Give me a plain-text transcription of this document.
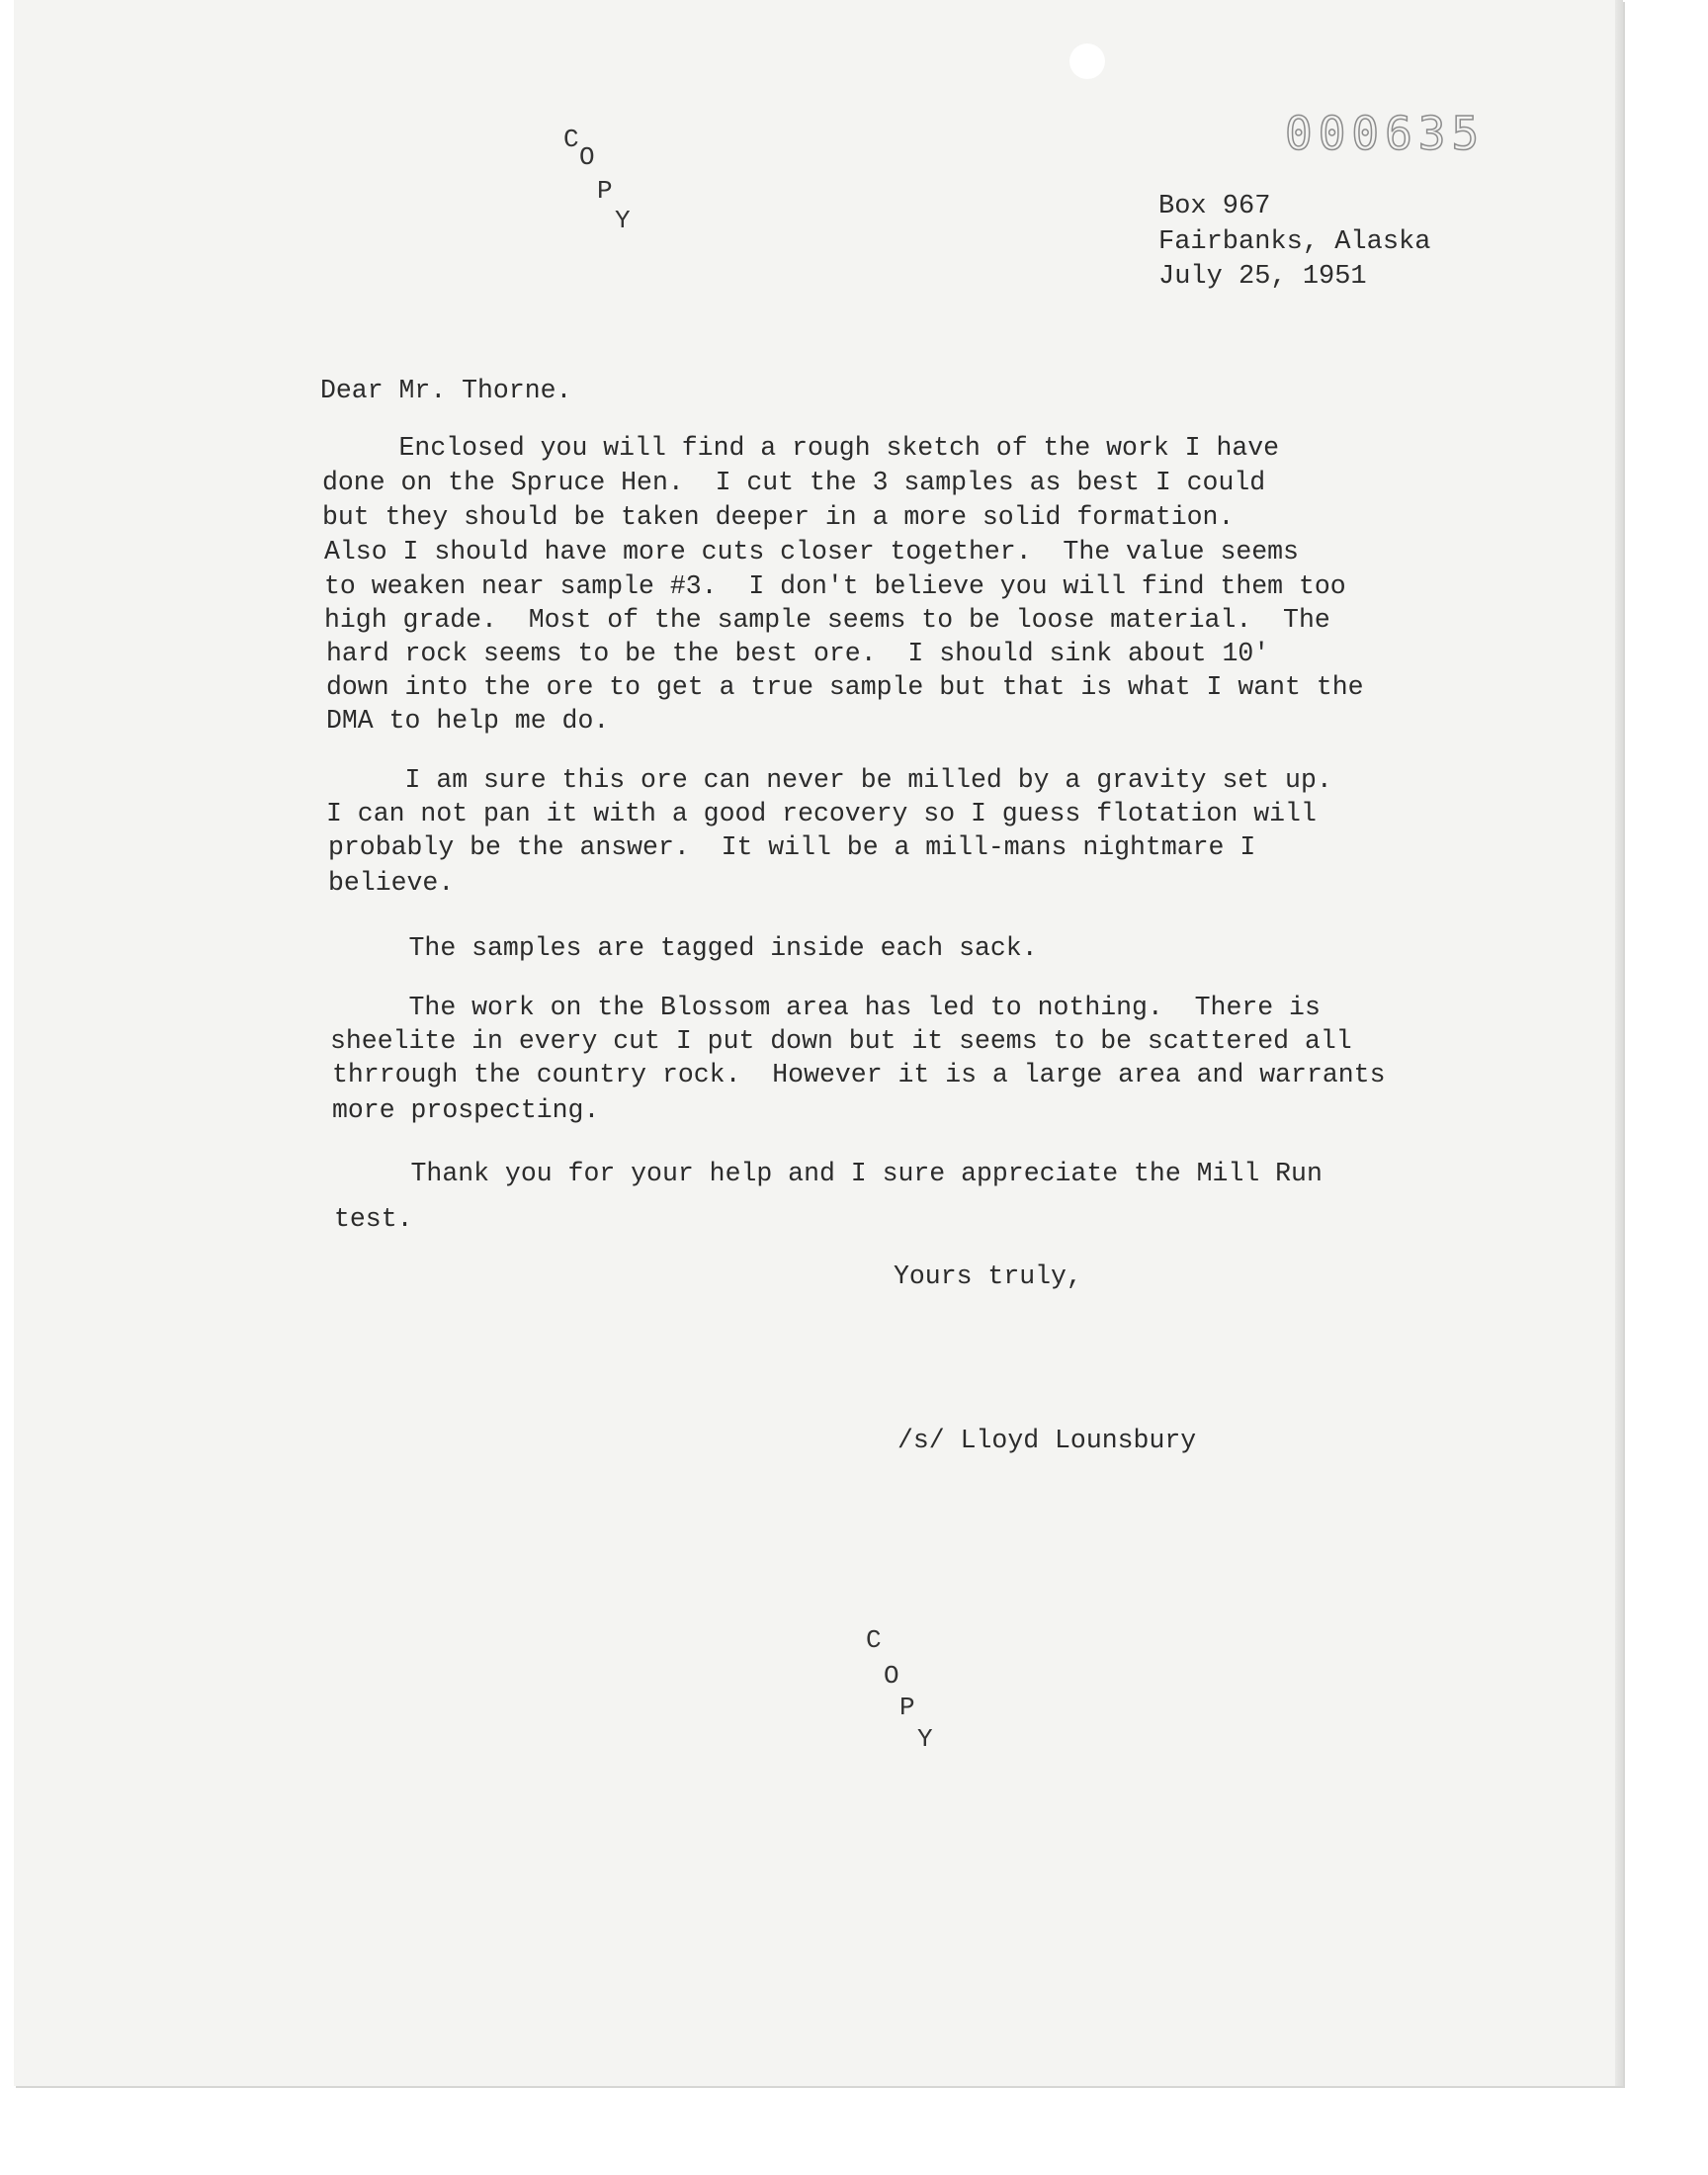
000635
C
O
P
Y	Box 967
Fairbanks, Alaska
July 25, 1951
Dear Mr. Thorne.
Enclosed you will find a rough sketch of the work I have
done on the Spruce Hen.  I cut the 3 samples as best I could
but they should be taken deeper in a more solid formation.
Also I should have more cuts closer together.  The value seems
to weaken near sample #3.  I don't believe you will find them too
high grade.  Most of the sample seems to be loose material.  The
hard rock seems to be the best ore.  I should sink about 10'
down into the ore to get a true sample but that is what I want the
DMA to help me do.
I am sure this ore can never be milled by a gravity set up.
I can not pan it with a good recovery so I guess flotation will
probably be the answer.  It will be a mill-mans nightmare I
believe.
The samples are tagged inside each sack.
The work on the Blossom area has led to nothing.  There is
sheelite in every cut I put down but it seems to be scattered all
thrrough the country rock.  However it is a large area and warrants
more prospecting.
Thank you for your help and I sure appreciate the Mill Run
test.
Yours truly,
/s/ Lloyd Lounsbury
C
O
P
Y
